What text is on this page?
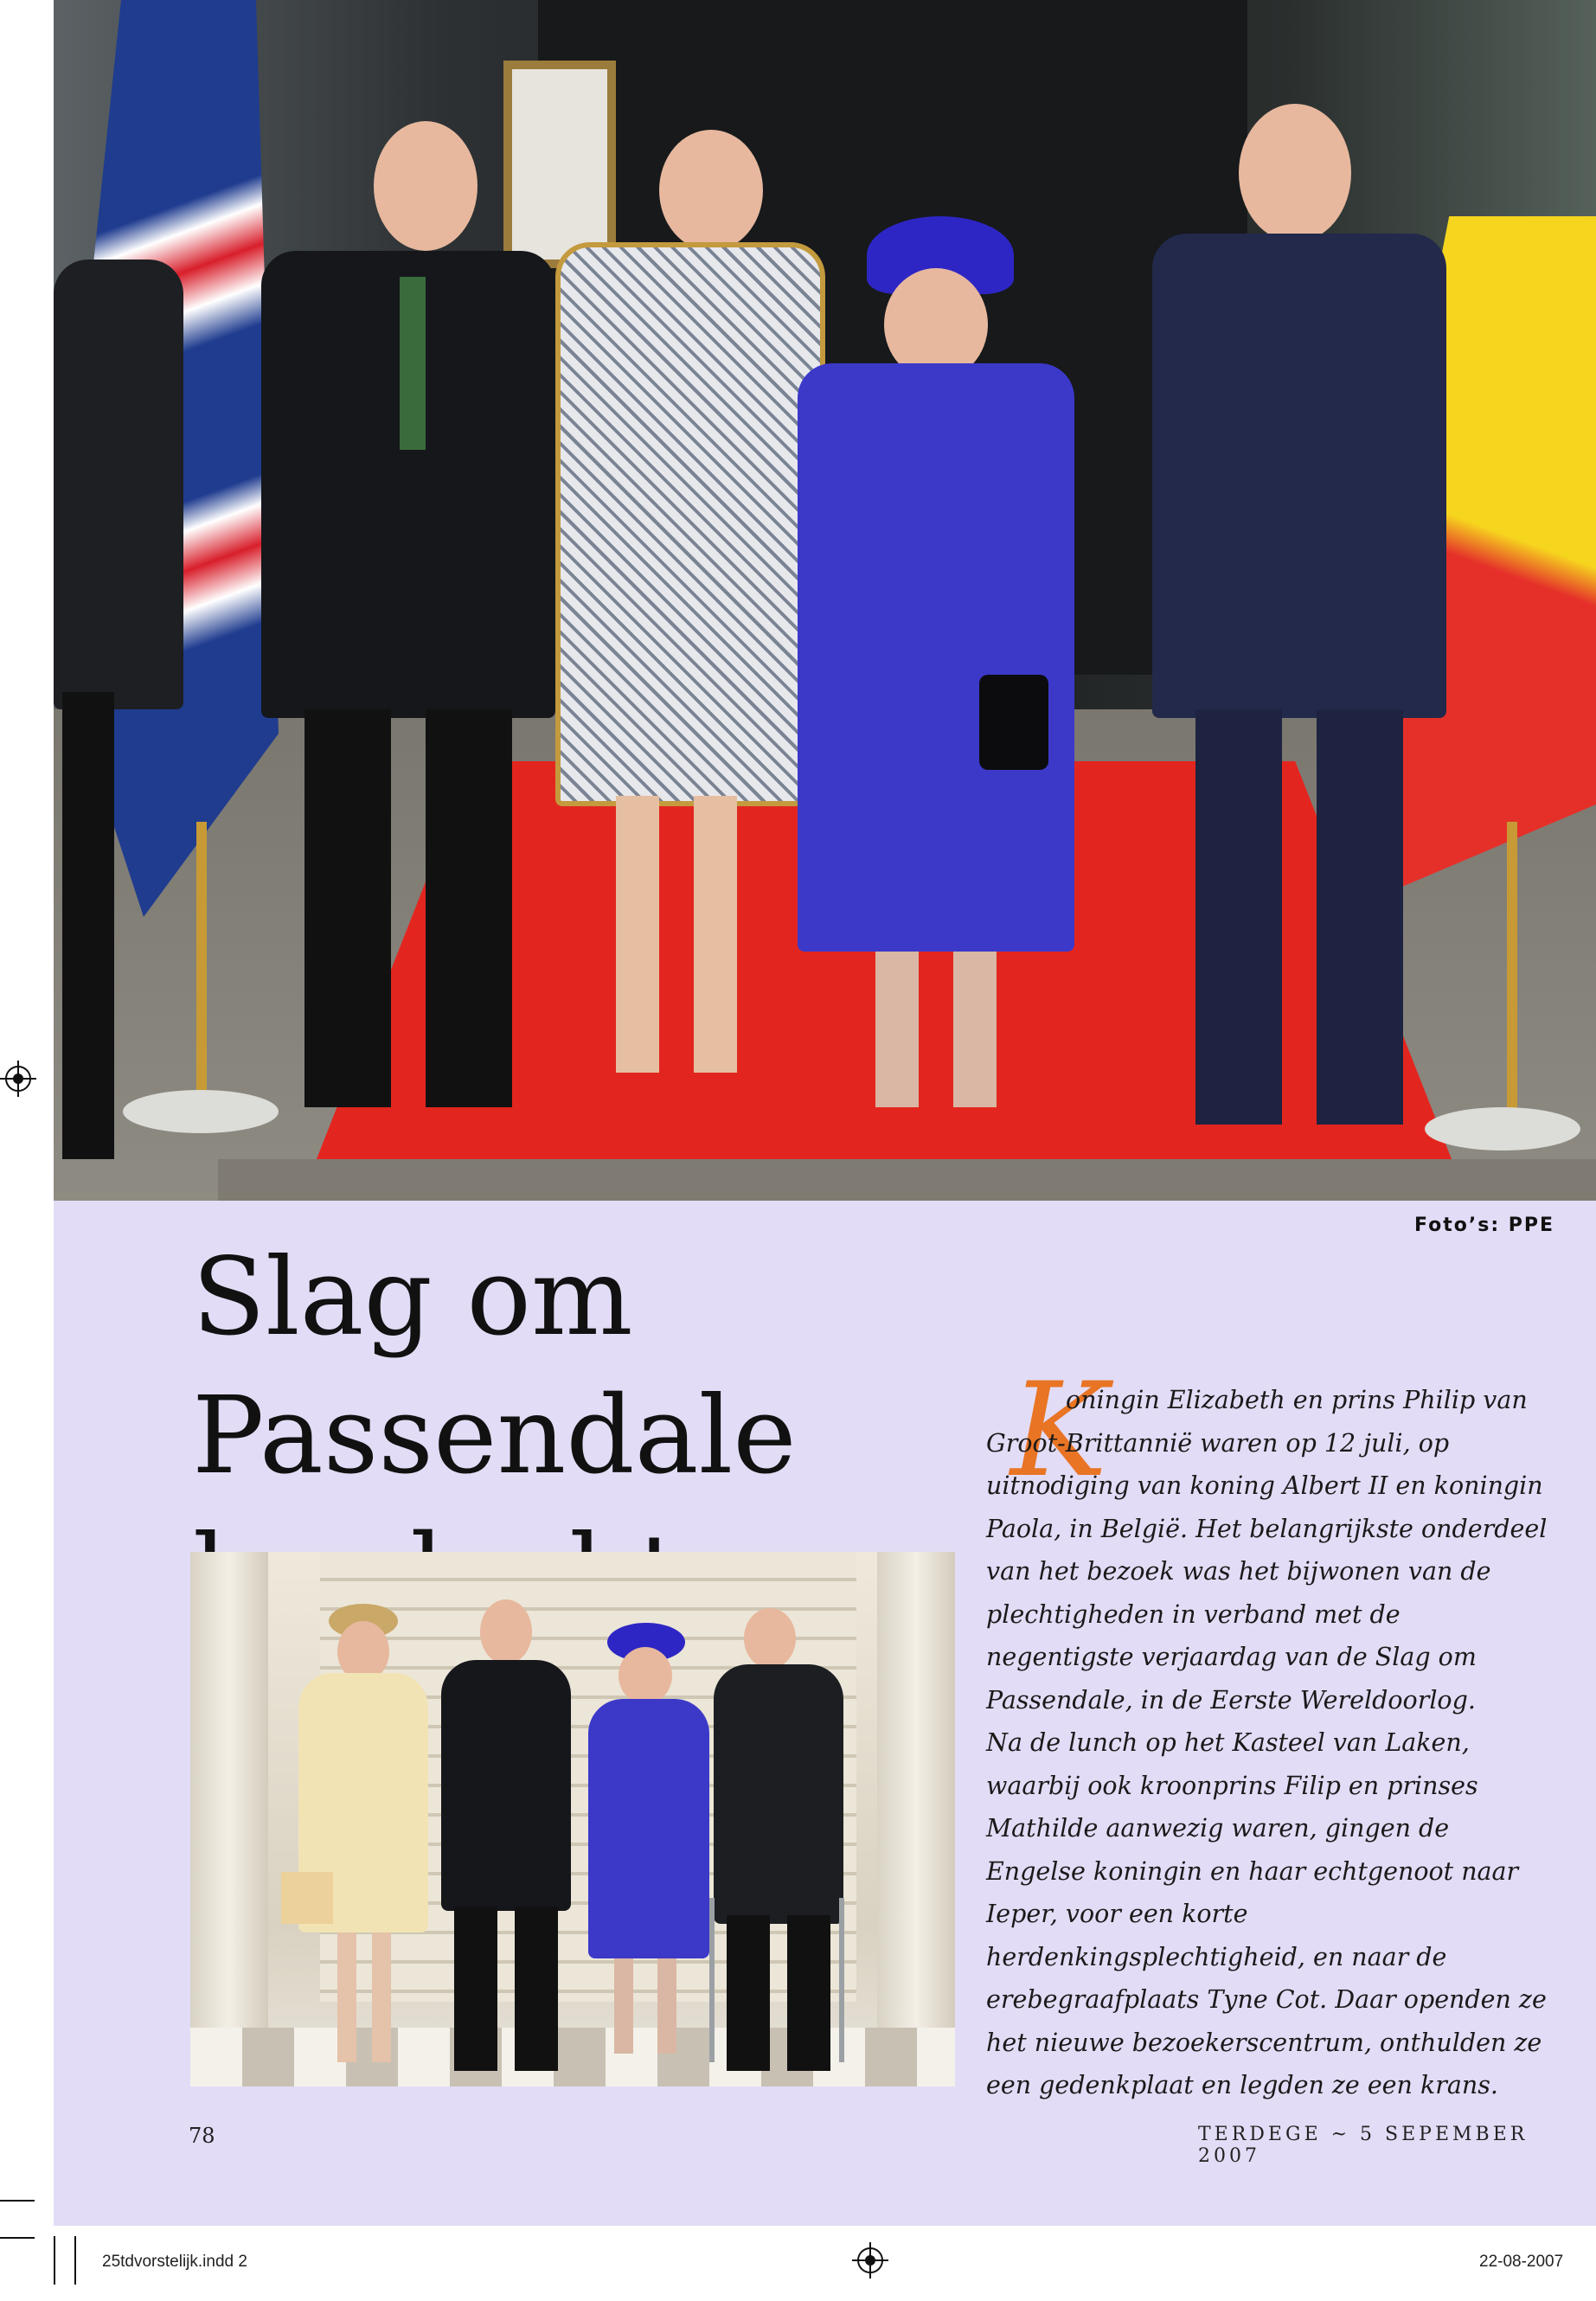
Foto’s: PPE
Slag om Passendale	K
oningin Elizabeth en prins Philip van
Groot-Brittannië waren op 12 juli, op uitnodiging van koning Albert II en koningin Paola, in België. Het belangrijkste onderdeel van het bezoek was het bijwonen van de plechtigheden in verband met de negentigste verjaardag van de Slag om Passendale, in de Eerste Wereldoorlog.
Na de lunch op het Kasteel van Laken, waarbij ook kroonprins Filip en prinses Mathilde aanwezig waren, gingen de Engelse koningin en haar echtgenoot naar Ieper, voor een korte herdenkingsplechtigheid, en naar de erebegraafplaats Tyne Cot. Daar openden ze het nieuwe bezoekerscentrum, onthulden ze een gedenkplaat en legden ze een krans.
78	TERDEGE ~ 5 SEPEMBER 2007
25tdvorstelijk.indd 2	22-08-2007
